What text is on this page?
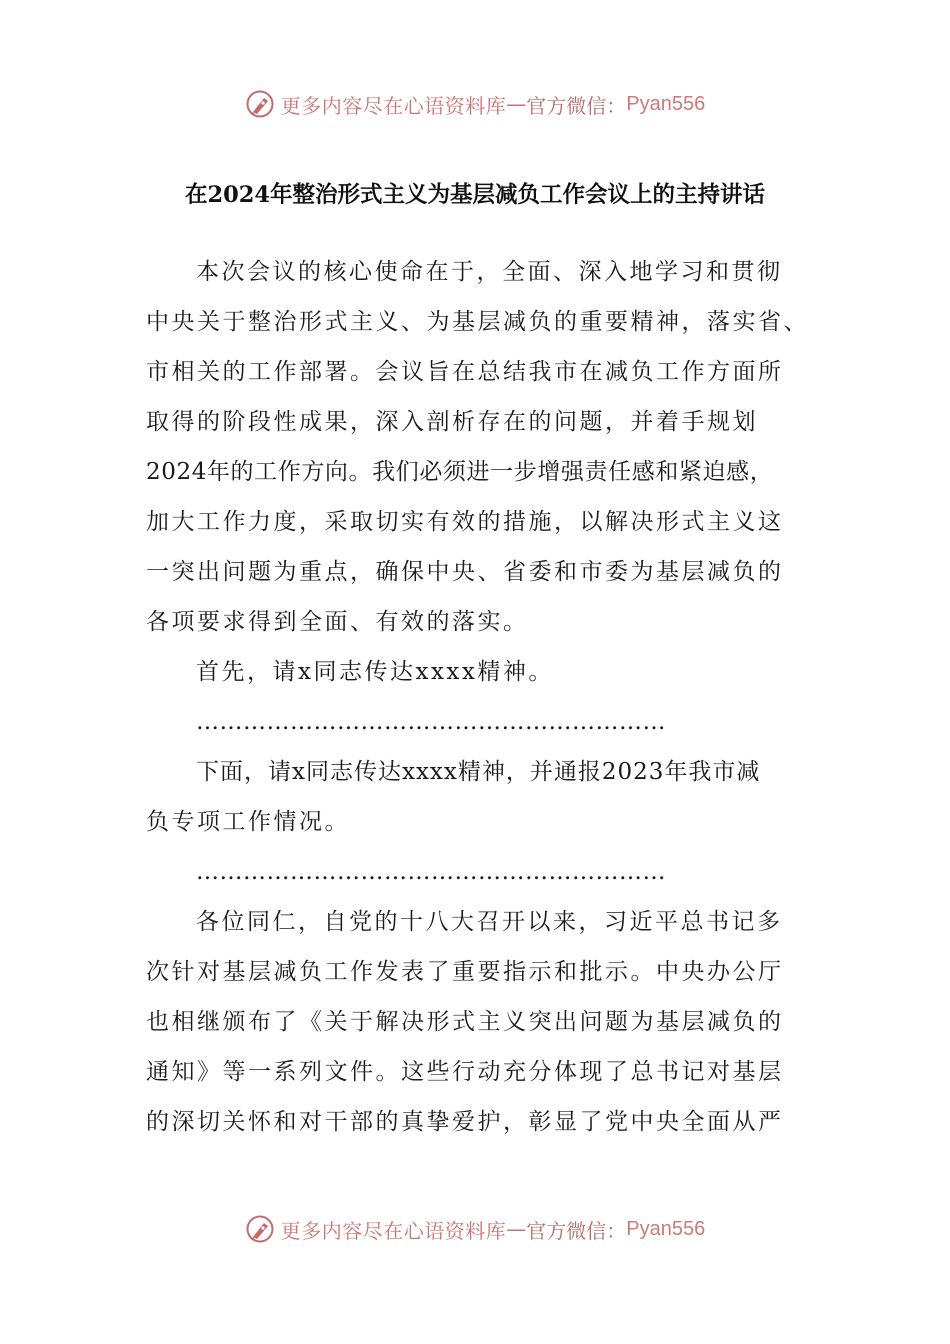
更多内容尽在心语资料库 — 官方微信： Pyan556
在2024年整治形式主义为基层减负工作会议上的主持讲话
本次会议的核心使命在于，全面、深入地学习和贯彻
中央关于整治形式主义、为基层减负的重要精神，落实省、
市相关的工作部署。会议旨在总结我市在减负工作方面所
取得的阶段性成果，深入剖析存在的问题，并着手规划
2024年的工作方向。我们必须进一步增强责任感和紧迫感，
加大工作力度，采取切实有效的措施，以解决形式主义这
一突出问题为重点，确保中央、省委和市委为基层减负的
各项要求得到全面、有效的落实。
首先，请x同志传达xxxx精神。
……………………………………………………
下面，请x同志传达xxxx精神，并通报2023年我市减
负专项工作情况。
……………………………………………………
各位同仁，自党的十八大召开以来，习近平总书记多
次针对基层减负工作发表了重要指示和批示。中央办公厅
也相继颁布了《关于解决形式主义突出问题为基层减负的
通知》等一系列文件。这些行动充分体现了总书记对基层
的深切关怀和对干部的真挚爱护，彰显了党中央全面从严
更多内容尽在心语资料库 — 官方微信： Pyan556
